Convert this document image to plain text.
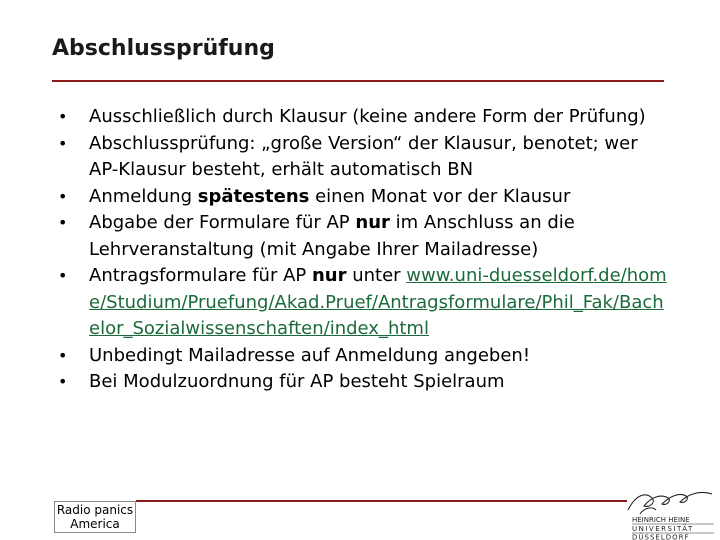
Abschlussprüfung
•	Ausschließlich durch Klausur (keine andere Form der Prüfung)
•	Abschlussprüfung: „große Version“ der Klausur, benotet; wer AP-Klausur besteht, erhält automatisch BN
•	Anmeldung spätestens einen Monat vor der Klausur
•	Abgabe der Formulare für AP nur im Anschluss an die Lehrveranstaltung (mit Angabe Ihrer Mailadresse)
•	Antragsformulare für AP nur unter www.uni-duesseldorf.de/home/Studium/Pruefung/Akad.Pruef/Antragsformulare/Phil_Fak/Bachelor_Sozialwissenschaften/index_html
•	Unbedingt Mailadresse auf Anmeldung angeben!
•	Bei Modulzuordnung für AP besteht Spielraum
Radio panics
America	HEINRICH HEINE
UNIVERSITÄT
DÜSSELDORF
